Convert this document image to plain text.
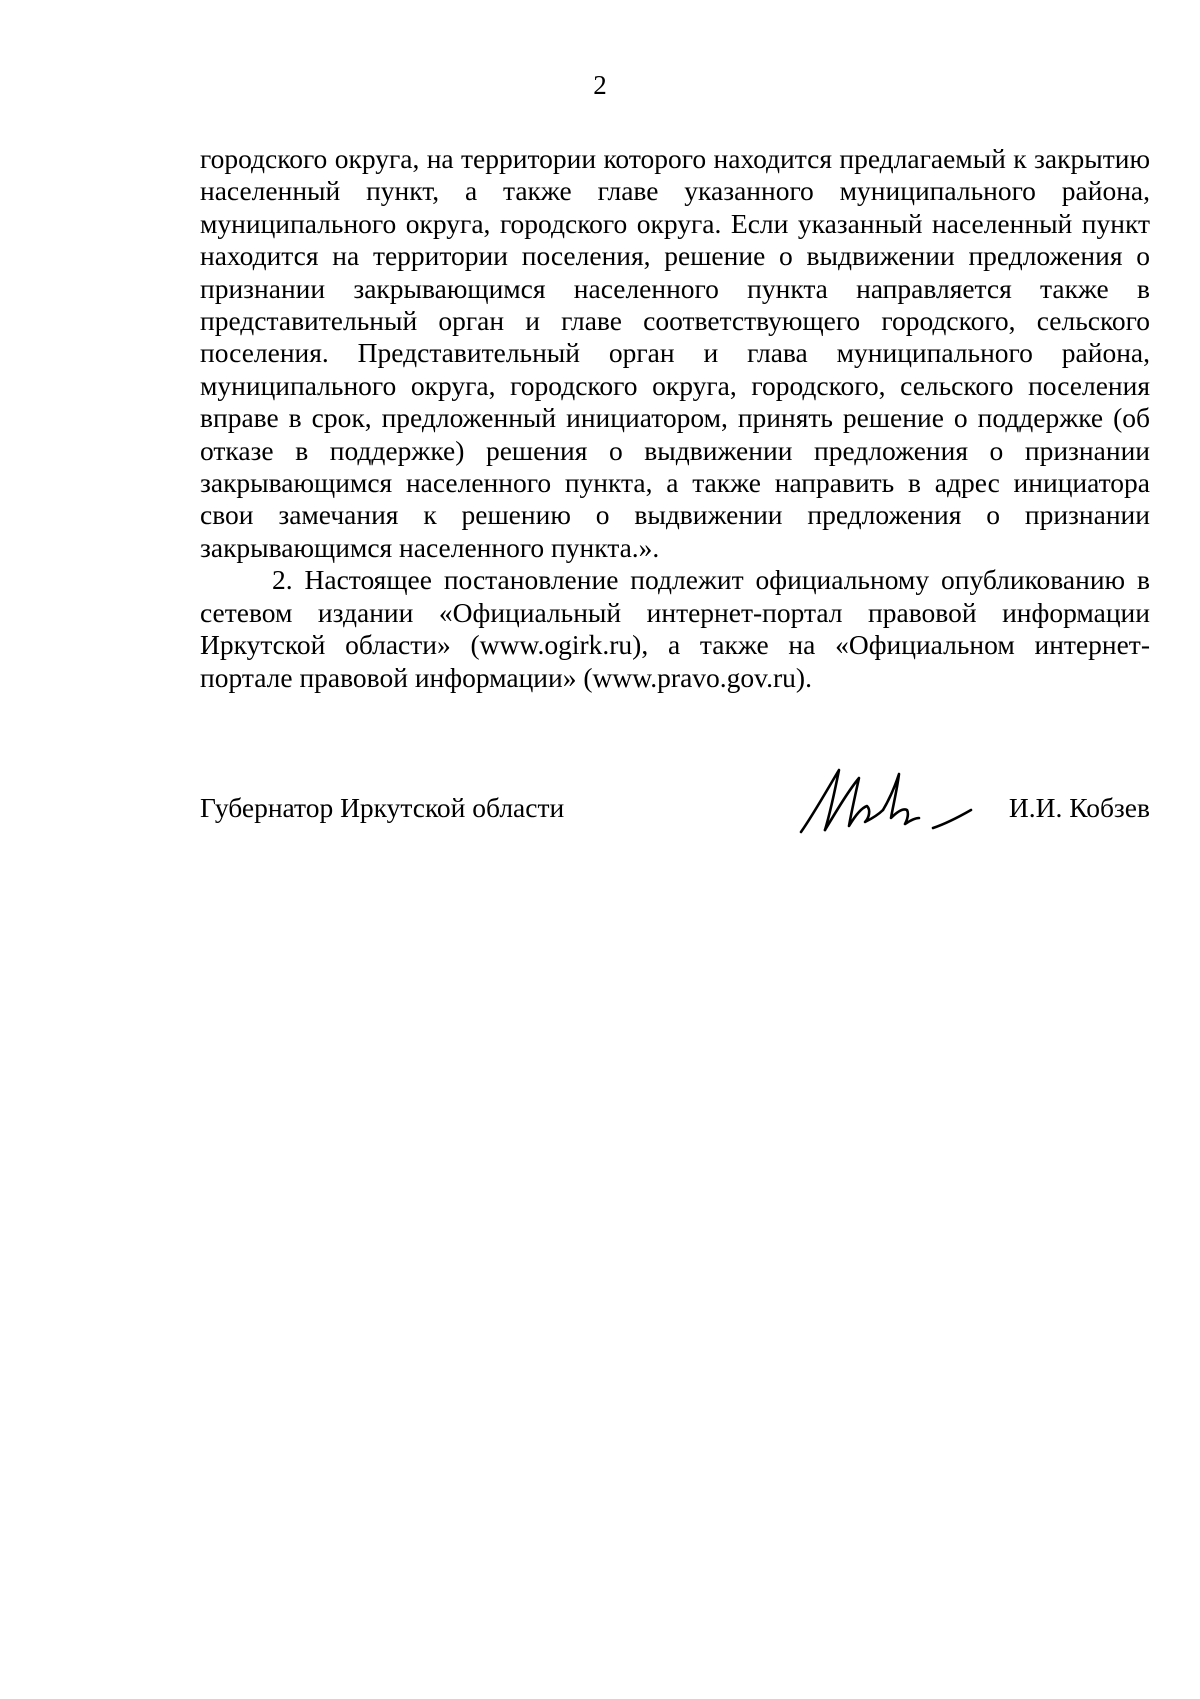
2

городского округа, на территории которого находится предлагаемый к закрытию населенный пункт, а также главе указанного муниципального района, муниципального округа, городского округа. Если указанный населенный пункт находится на территории поселения, решение о выдвижении предложения о признании закрывающимся населенного пункта направляется также в представительный орган и главе соответствующего городского, сельского поселения. Представительный орган и глава муниципального района, муниципального округа, городского округа, городского, сельского поселения вправе в срок, предложенный инициатором, принять решение о поддержке (об отказе в поддержке) решения о выдвижении предложения о признании закрывающимся населенного пункта, а также направить в адрес инициатора свои замечания к решению о выдвижении предложения о признании закрывающимся населенного пункта.».

2. Настоящее постановление подлежит официальному опубликованию в сетевом издании «Официальный интернет-портал правовой информации Иркутской области» (www.ogirk.ru), а также на «Официальном интернет-портале правовой информации» (www.pravo.gov.ru).

Губернатор Иркутской области	И.И. Кобзев
